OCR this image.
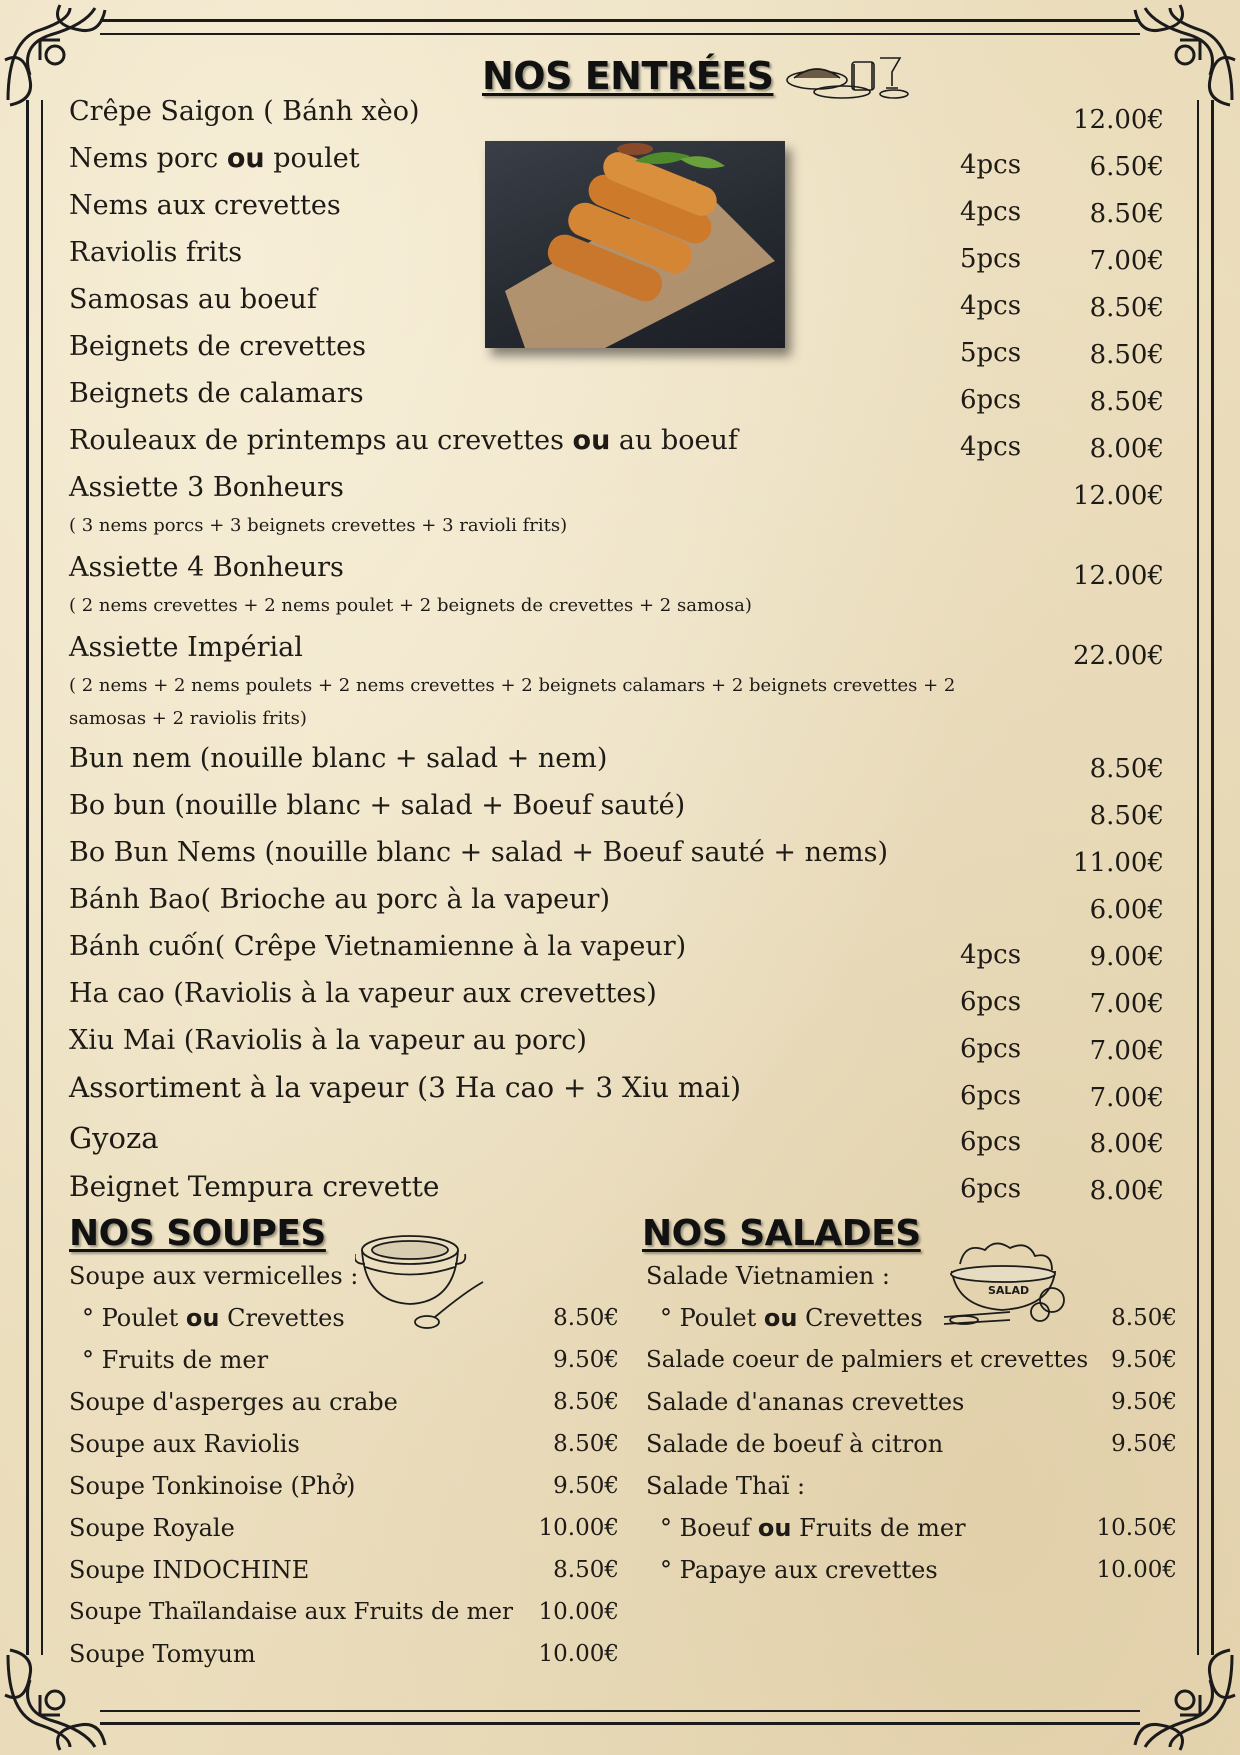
NOS ENTRÉES
Crêpe Saigon ( Bánh xèo)	12.00€
Nems porc ou poulet	4pcs	6.50€
Nems aux crevettes	4pcs	8.50€
Raviolis frits	5pcs	7.00€
Samosas au boeuf	4pcs	8.50€
Beignets de crevettes	5pcs	8.50€
Beignets de calamars	6pcs	8.50€
Rouleaux de printemps au crevettes ou au boeuf	4pcs	8.00€
Assiette 3 Bonheurs	12.00€
( 3 nems porcs + 3 beignets crevettes + 3 ravioli frits)
Assiette 4 Bonheurs	12.00€
( 2 nems crevettes + 2 nems poulet + 2 beignets de crevettes + 2 samosa)
Assiette Impérial	22.00€
( 2 nems + 2 nems poulets + 2 nems crevettes + 2 beignets calamars + 2 beignets crevettes + 2
samosas + 2 raviolis frits)
Bun nem (nouille blanc + salad + nem)	8.50€
Bo bun (nouille blanc + salad + Boeuf sauté)	8.50€
Bo Bun Nems (nouille blanc + salad + Boeuf sauté + nems)	11.00€
Bánh Bao( Brioche au porc à la vapeur)	6.00€
Bánh cuốn( Crêpe Vietnamienne à la vapeur)	4pcs	9.00€
Ha cao (Raviolis à la vapeur aux crevettes)	6pcs	7.00€
Xiu Mai (Raviolis à la vapeur au porc)	6pcs	7.00€
Assortiment à la vapeur (3 Ha cao + 3 Xiu mai)	6pcs	7.00€
Gyoza	6pcs	8.00€
Beignet Tempura crevette	6pcs	8.00€
NOS SOUPES
Soupe aux vermicelles :
° Poulet ou Crevettes	8.50€
° Fruits de mer	9.50€
Soupe d'asperges au crabe	8.50€
Soupe aux Raviolis	8.50€
Soupe Tonkinoise (Phở)	9.50€
Soupe Royale	10.00€
Soupe INDOCHINE	8.50€
Soupe Thaïlandaise aux Fruits de mer 10.00€
Soupe Tomyum	10.00€
NOS SALADES
SALAD
Salade Vietnamien :
° Poulet ou Crevettes	8.50€
Salade coeur de palmiers et crevettes 9.50€
Salade d'ananas crevettes	9.50€
Salade de boeuf à citron	9.50€
Salade Thaï :
° Boeuf ou Fruits de mer	10.50€
° Papaye aux crevettes	10.00€
